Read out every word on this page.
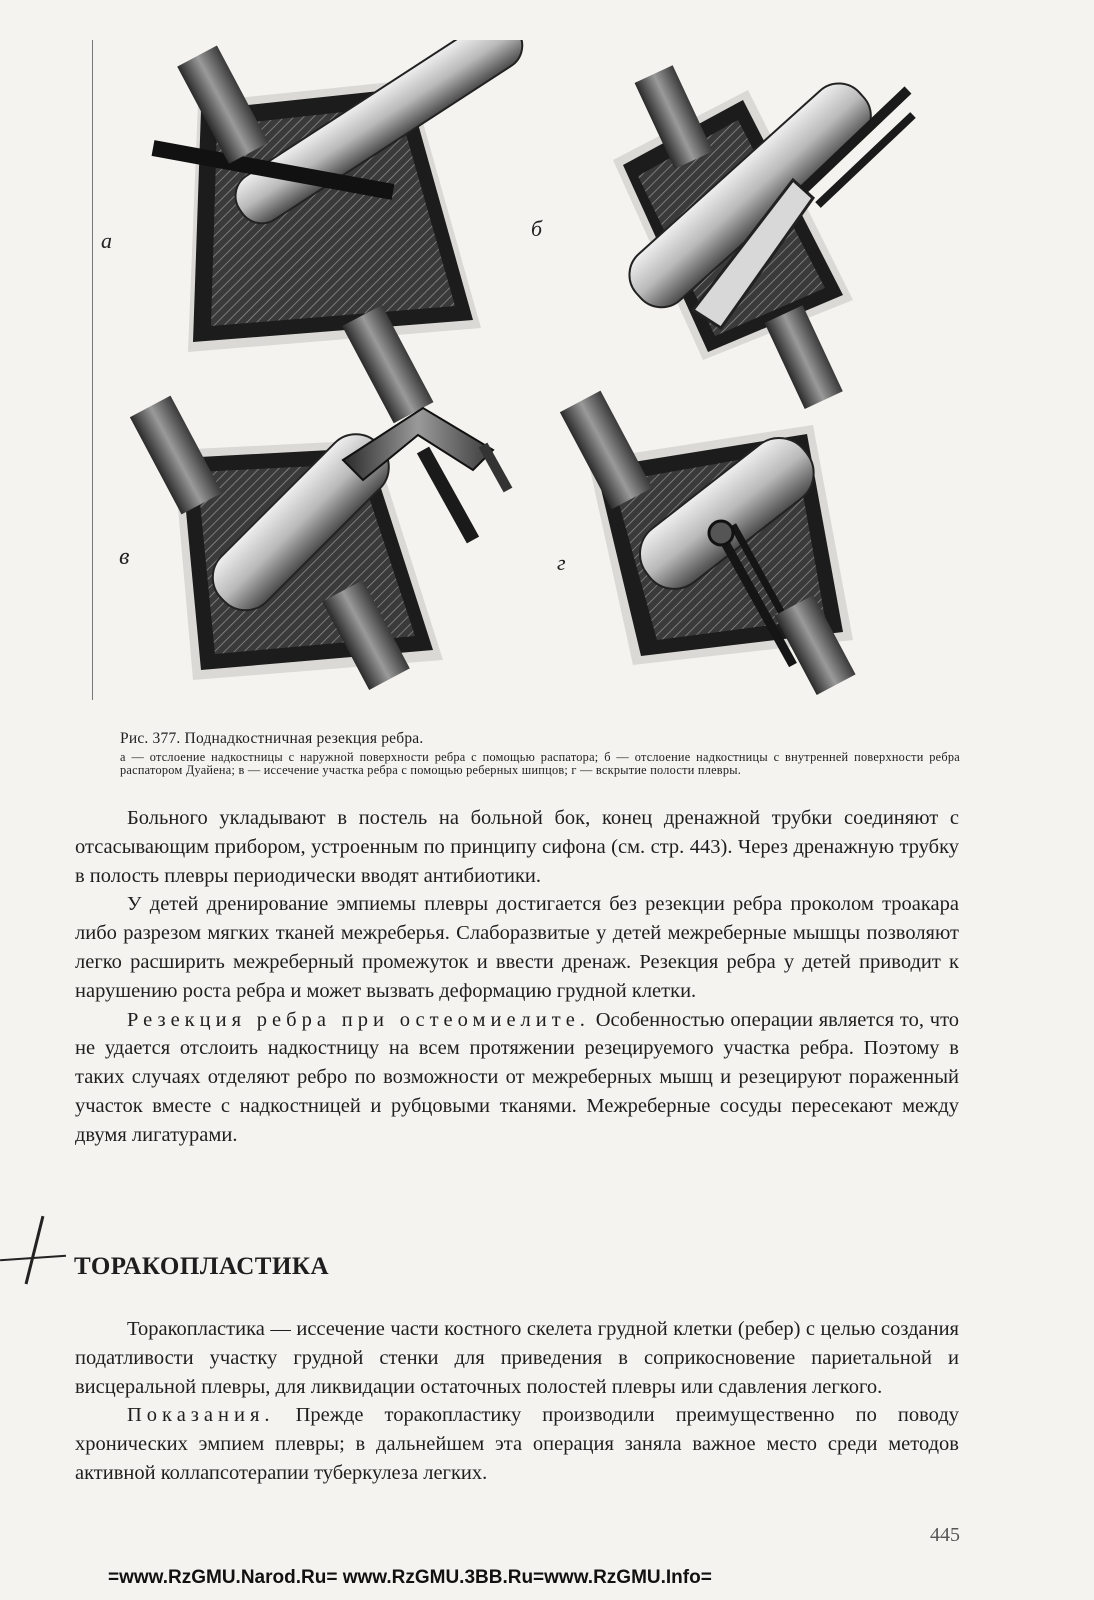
а	б
в	г
Рис. 377. Поднадкостничная резекция ребра.
а — отслоение надкостницы с наружной поверхности ребра с помощью распатора; б — отслоение надкостницы с внутренней поверхности ребра распатором Дуайена; в — иссечение участка ребра с помощью реберных шипцов; г — вскрытие полости плевры.

Больного укладывают в постель на больной бок, конец дренажной трубки соединяют с отсасывающим прибором, устроенным по принципу сифона (см. стр. 443). Через дренажную трубку в полость плевры периодически вводят антибиотики.

У детей дренирование эмпиемы плевры достигается без резекции ребра проколом троакара либо разрезом мягких тканей межреберья. Слаборазвитые у детей межреберные мышцы позволяют легко расширить межреберный промежуток и ввести дренаж. Резекция ребра у детей приводит к нарушению роста ребра и может вызвать деформацию грудной клетки.

Резекция ребра при остеомиелите. Особенностью операции является то, что не удается отслоить надкостницу на всем протяжении резецируемого участка ребра. Поэтому в таких случаях отделяют ребро по возможности от межреберных мышц и резецируют пораженный участок вместе с надкостницей и рубцовыми тканями. Межреберные сосуды пересекают между двумя лигатурами.

ТОРАКОПЛАСТИКА

Торакопластика — иссечение части костного скелета грудной клетки (ребер) с целью создания податливости участку грудной стенки для приведения в соприкосновение париетальной и висцеральной плевры, для ликвидации остаточных полостей плевры или сдавления легкого.

Показания. Прежде торакопластику производили преимущественно по поводу хронических эмпием плевры; в дальнейшем эта операция заняла важное место среди методов активной коллапсотерапии туберкулеза легких.

445
=www.RzGMU.Narod.Ru= www.RzGMU.3BB.Ru=www.RzGMU.Info=
